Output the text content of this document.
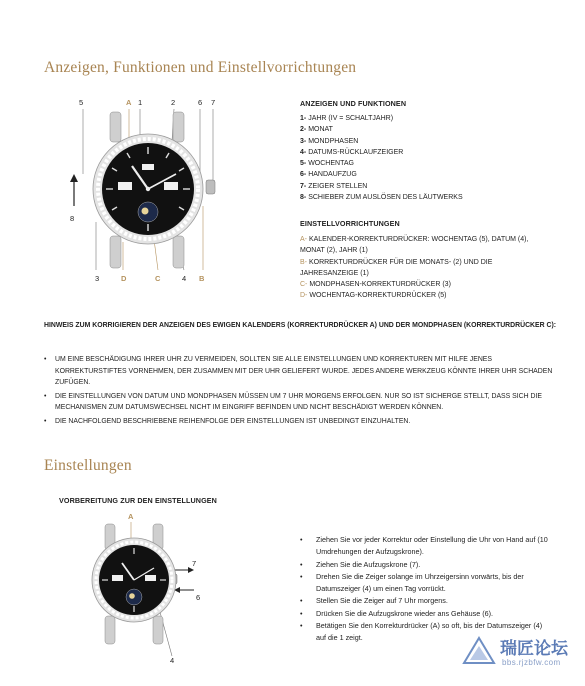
Anzeigen, Funktionen und Einstellvorrichtungen
5	A 1	2	6 7
8
3	D	C	4 B
ANZEIGEN UND FUNKTIONEN
1- JAHR (IV = SCHALTJAHR)
2- MONAT
3- MONDPHASEN
4- DATUMS-RÜCKLAUFZEIGER
5- WOCHENTAG
6- HANDAUFZUG
7- ZEIGER STELLEN
8- SCHIEBER ZUM AUSLÖSEN DES LÄUTWERKS
EINSTELLVORRICHTUNGEN
A- KALENDER-KORREKTURDRÜCKER: WOCHENTAG (5), DATUM (4), MONAT (2), JAHR (1)
B- KORREKTURDRÜCKER FÜR DIE MONATS- (2) UND DIE JAHRESANZEIGE (1)
C- MONDPHASEN-KORREKTURDRÜCKER (3)
D- WOCHENTAG-KORREKTURDRÜCKER (5)
HINWEIS ZUM KORRIGIEREN DER ANZEIGEN DES EWIGEN KALENDERS (KORREKTURDRÜCKER A) UND DER MONDPHASEN (KORREKTURDRÜCKER C):
• UM EINE BESCHÄDIGUNG IHRER UHR ZU VERMEIDEN, SOLLTEN SIE ALLE EINSTELLUNGEN UND KORREKTUREN MIT HILFE JENES KORREKTURSTIFTES VORNEHMEN, DER ZUSAMMEN MIT DER UHR GELIEFERT WURDE. JEDES ANDERE WERKZEUG KÖNNTE IHRER UHR SCHADEN ZUFÜGEN.
• DIE EINSTELLUNGEN VON DATUM UND MONDPHASEN MÜSSEN UM 7 UHR MORGENS ERFOLGEN. NUR SO IST SICHERGE STELLT, DASS SICH DIE MECHANISMEN ZUM DATUMSWECHSEL NICHT IM EINGRIFF BEFINDEN UND NICHT BESCHÄDIGT WERDEN KÖNNEN.
• DIE NACHFOLGEND BESCHRIEBENE REIHENFOLGE DER EINSTELLUNGEN IST UNBEDINGT EINZUHALTEN.
Einstellungen
VORBEREITUNG ZUR DEN EINSTELLUNGEN
A
7
6
4
• Ziehen Sie vor jeder Korrektur oder Einstellung die Uhr von Hand auf (10 Umdrehungen der Aufzugskrone).
• Ziehen Sie die Aufzugskrone (7).
• Drehen Sie die Zeiger solange im Uhrzeigersinn vorwärts, bis der Datumszeiger (4) um einen Tag vorrückt.
• Stellen Sie die Zeiger auf 7 Uhr morgens.
• Drücken Sie die Aufzugskrone wieder ans Gehäuse (6).
• Betätigen Sie den Korrekturdrücker (A) so oft, bis der Datumszeiger (4) auf die 1 zeigt.
瑞匠论坛
bbs.rjzbfw.com
